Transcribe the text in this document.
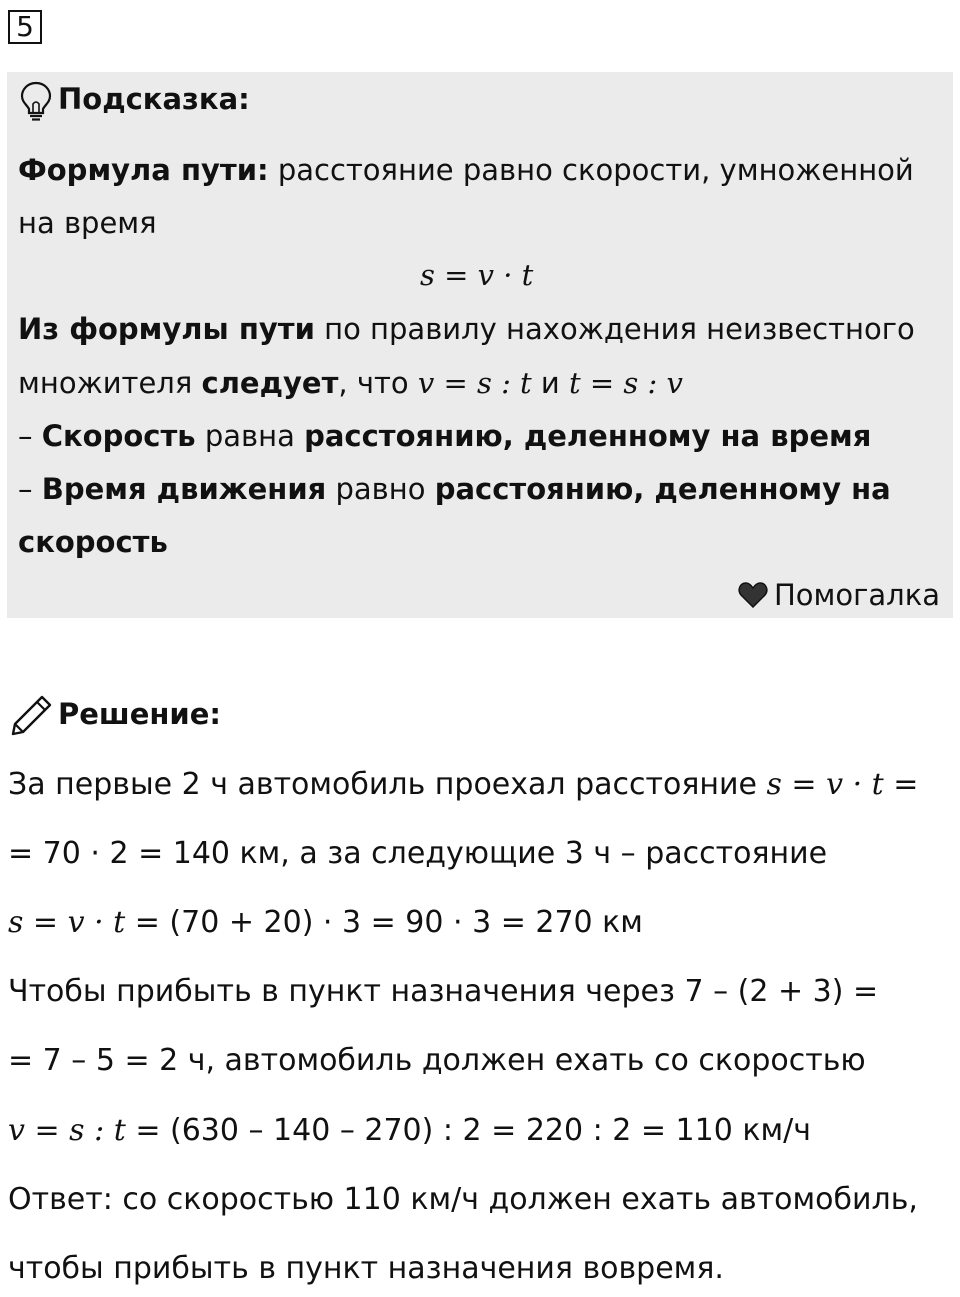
5
Подсказка:
Формула пути: расстояние равно скорости, умноженной
на время
s = v · t
Из формулы пути по правилу нахождения неизвестного
множителя следует, что v = s : t и t = s : v
– Скорость равна расстоянию, деленному на время
– Время движения равно расстоянию, деленному на
скорость
Помогалка
Решение:
За первые 2 ч автомобиль проехал расстояние s = v · t =
= 70 · 2 = 140 км, а за следующие 3 ч – расстояние
s = v · t = (70 + 20) · 3 = 90 · 3 = 270 км
Чтобы прибыть в пункт назначения через 7 – (2 + 3) =
= 7 – 5 = 2 ч, автомобиль должен ехать со скоростью
v = s : t = (630 – 140 – 270) : 2 = 220 : 2 = 110 км/ч
Ответ: со скоростью 110 км/ч должен ехать автомобиль,
чтобы прибыть в пункт назначения вовремя.
